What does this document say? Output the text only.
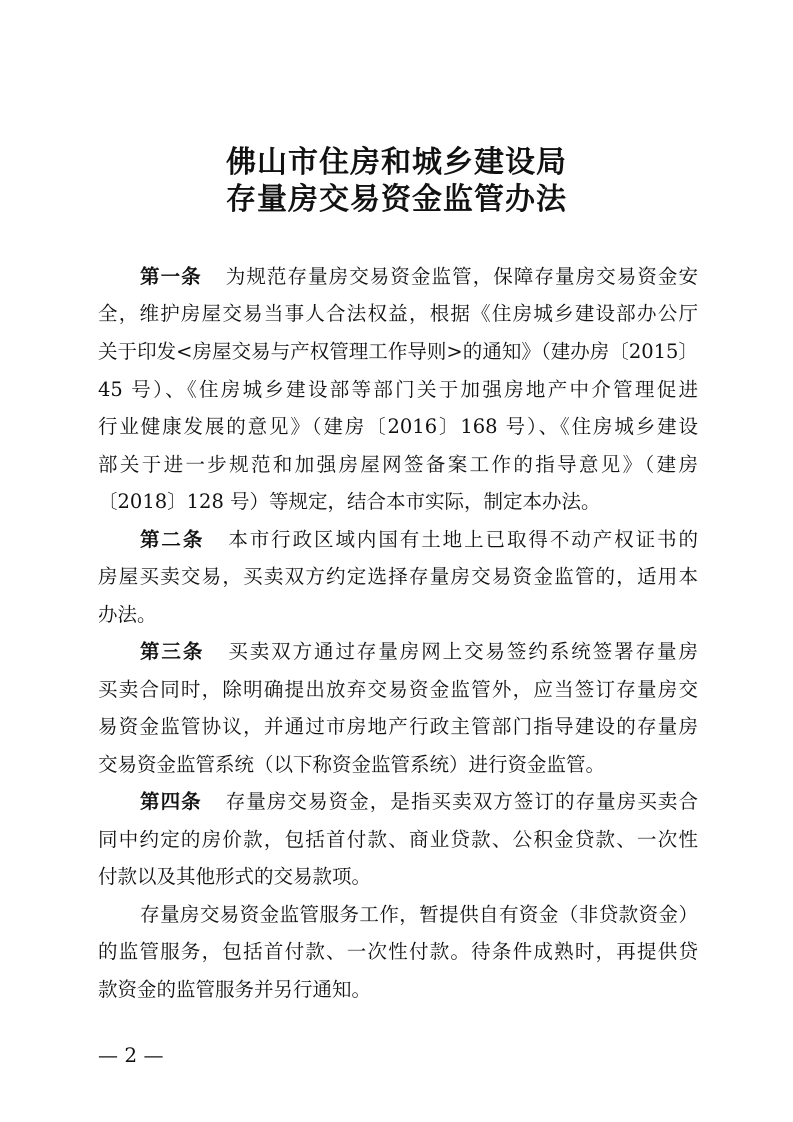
佛山市住房和城乡建设局
存量房交易资金监管办法
第一条 为规范存量房交易资金监管，保障存量房交易资金安
全，维护房屋交易当事人合法权益，根据《住房城乡建设部办公厅
关于印发<房屋交易与产权管理工作导则>的通知》（建办房〔2015〕
45 号）、《住房城乡建设部等部门关于加强房地产中介管理促进
行业健康发展的意见》（建房〔2016〕168 号）、《住房城乡建设
部关于进一步规范和加强房屋网签备案工作的指导意见》（建房
〔2018〕128 号）等规定，结合本市实际，制定本办法。
第二条 本市行政区域内国有土地上已取得不动产权证书的
房屋买卖交易，买卖双方约定选择存量房交易资金监管的，适用本
办法。
第三条 买卖双方通过存量房网上交易签约系统签署存量房
买卖合同时，除明确提出放弃交易资金监管外，应当签订存量房交
易资金监管协议，并通过市房地产行政主管部门指导建设的存量房
交易资金监管系统（以下称资金监管系统）进行资金监管。
第四条 存量房交易资金，是指买卖双方签订的存量房买卖合
同中约定的房价款，包括首付款、商业贷款、公积金贷款、一次性
付款以及其他形式的交易款项。
存量房交易资金监管服务工作，暂提供自有资金（非贷款资金）
的监管服务，包括首付款、一次性付款。待条件成熟时，再提供贷
款资金的监管服务并另行通知。
— 2 —
